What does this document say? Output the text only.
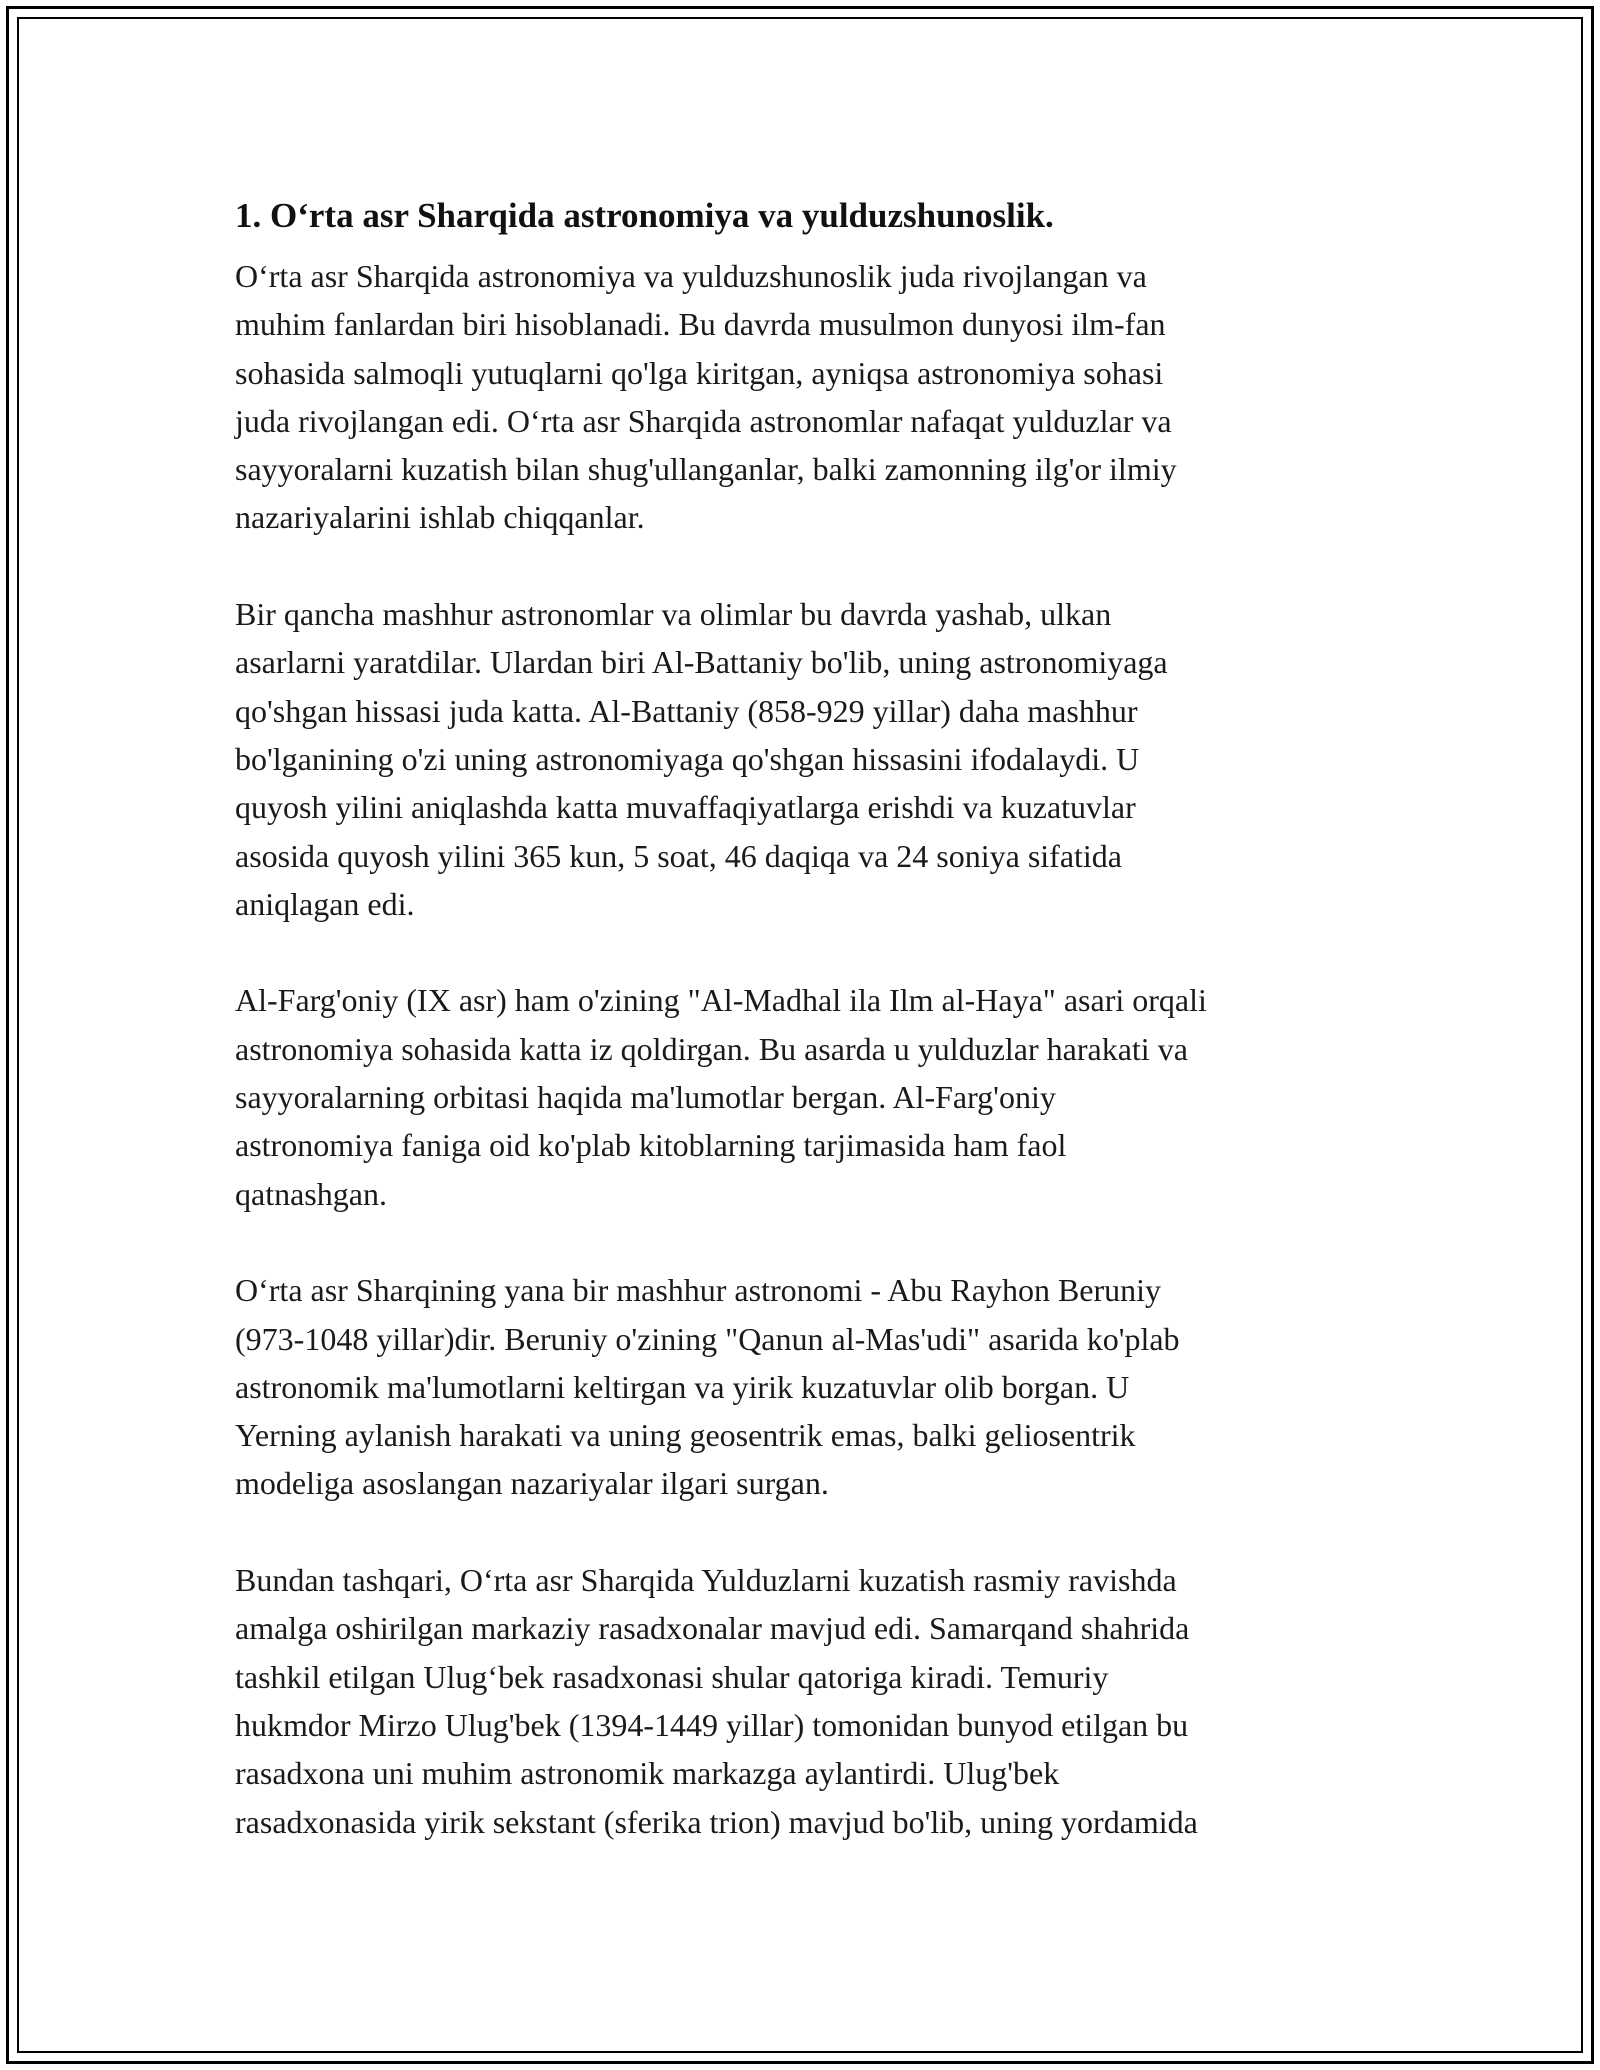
1. O‘rta asr Sharqida astronomiya va yulduzshunoslik.

O‘rta asr Sharqida astronomiya va yulduzshunoslik juda rivojlangan va
muhim fanlardan biri hisoblanadi. Bu davrda musulmon dunyosi ilm-fan
sohasida salmoqli yutuqlarni qo'lga kiritgan, ayniqsa astronomiya sohasi
juda rivojlangan edi. O‘rta asr Sharqida astronomlar nafaqat yulduzlar va
sayyoralarni kuzatish bilan shug'ullanganlar, balki zamonning ilg'or ilmiy
nazariyalarini ishlab chiqqanlar.

Bir qancha mashhur astronomlar va olimlar bu davrda yashab, ulkan
asarlarni yaratdilar. Ulardan biri Al-Battaniy bo'lib, uning astronomiyaga
qo'shgan hissasi juda katta. Al-Battaniy (858-929 yillar) daha mashhur
bo'lganining o'zi uning astronomiyaga qo'shgan hissasini ifodalaydi. U
quyosh yilini aniqlashda katta muvaffaqiyatlarga erishdi va kuzatuvlar
asosida quyosh yilini 365 kun, 5 soat, 46 daqiqa va 24 soniya sifatida
aniqlagan edi.

Al-Farg'oniy (IX asr) ham o'zining "Al-Madhal ila Ilm al-Haya" asari orqali
astronomiya sohasida katta iz qoldirgan. Bu asarda u yulduzlar harakati va
sayyoralarning orbitasi haqida ma'lumotlar bergan. Al-Farg'oniy
astronomiya faniga oid ko'plab kitoblarning tarjimasida ham faol
qatnashgan.

O‘rta asr Sharqining yana bir mashhur astronomi - Abu Rayhon Beruniy
(973-1048 yillar)dir. Beruniy o'zining "Qanun al-Mas'udi" asarida ko'plab
astronomik ma'lumotlarni keltirgan va yirik kuzatuvlar olib borgan. U
Yerning aylanish harakati va uning geosentrik emas, balki geliosentrik
modeliga asoslangan nazariyalar ilgari surgan.

Bundan tashqari, O‘rta asr Sharqida Yulduzlarni kuzatish rasmiy ravishda
amalga oshirilgan markaziy rasadxonalar mavjud edi. Samarqand shahrida
tashkil etilgan Ulug‘bek rasadxonasi shular qatoriga kiradi. Temuriy
hukmdor Mirzo Ulug'bek (1394-1449 yillar) tomonidan bunyod etilgan bu
rasadxona uni muhim astronomik markazga aylantirdi. Ulug'bek
rasadxonasida yirik sekstant (sferika trion) mavjud bo'lib, uning yordamida
